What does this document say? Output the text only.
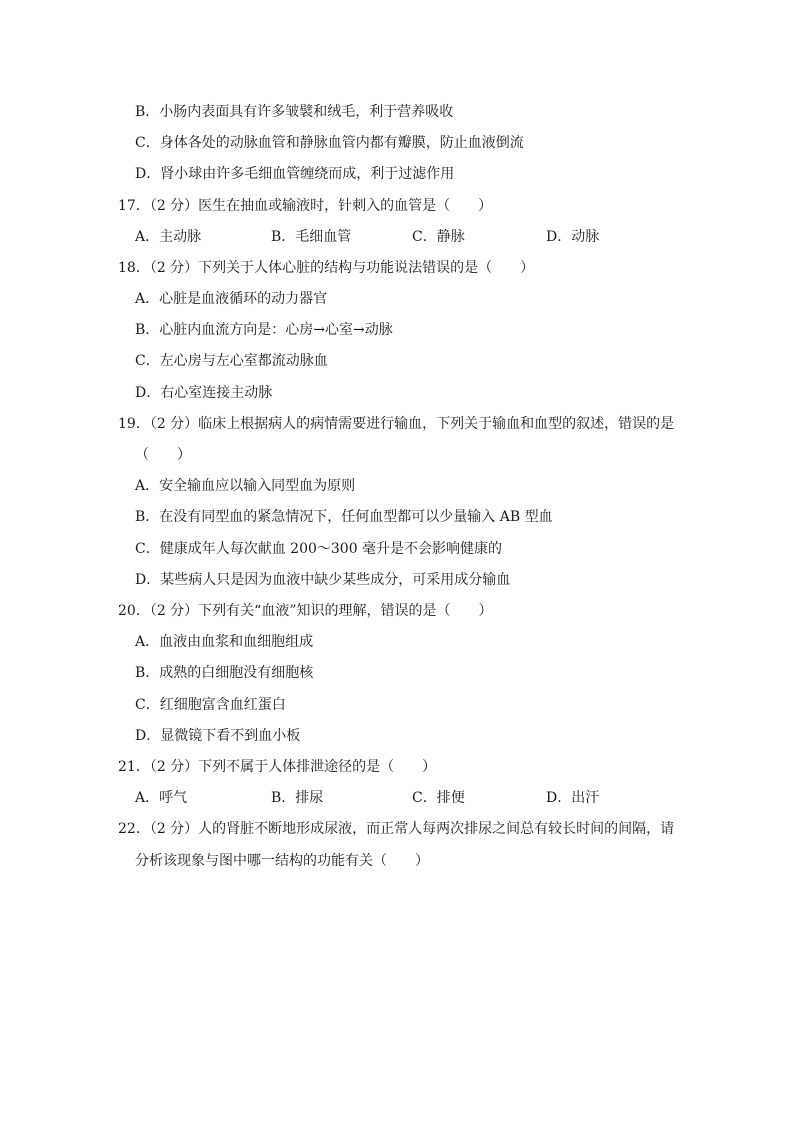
B．小肠内表面具有许多皱襞和绒毛，利于营养吸收
C．身体各处的动脉血管和静脉血管内都有瓣膜，防止血液倒流
D．肾小球由许多毛细血管缠绕而成，利于过滤作用
17．（2 分）医生在抽血或输液时，针刺入的血管是（　　）
A．主动脉	B．毛细血管	C．静脉	D．动脉
18．（2 分）下列关于人体心脏的结构与功能说法错误的是（　　）
A．心脏是血液循环的动力器官
B．心脏内血流方向是：心房→心室→动脉
C．左心房与左心室都流动脉血
D．右心室连接主动脉
19．（2 分）临床上根据病人的病情需要进行输血，下列关于输血和血型的叙述，错误的是
（　　）
A．安全输血应以输入同型血为原则
B．在没有同型血的紧急情况下，任何血型都可以少量输入 AB 型血
C．健康成年人每次献血 200～300 毫升是不会影响健康的
D．某些病人只是因为血液中缺少某些成分，可采用成分输血
20．（2 分）下列有关“血液”知识的理解，错误的是（　　）
A．血液由血浆和血细胞组成
B．成熟的白细胞没有细胞核
C．红细胞富含血红蛋白
D．显微镜下看不到血小板
21．（2 分）下列不属于人体排泄途径的是（　　）
A．呼气	B．排尿	C．排便	D．出汗
22．（2 分）人的肾脏不断地形成尿液，而正常人每两次排尿之间总有较长时间的间隔，请
分析该现象与图中哪一结构的功能有关（　　）
